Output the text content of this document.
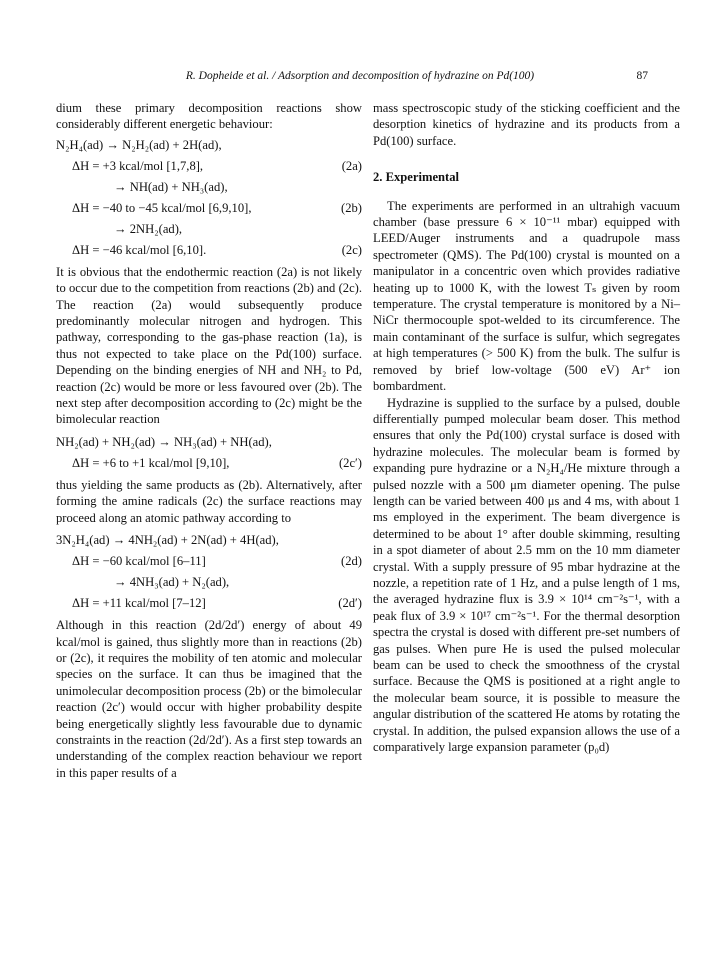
R. Dopheide et al. / Adsorption and decomposition of hydrazine on Pd(100)	87

dium these primary decomposition reactions show considerably different energetic behaviour:

N₂H₄(ad) → N₂H₂(ad) + 2H(ad),
ΔH = +3 kcal/mol [1,7,8],	(2a)
→ NH(ad) + NH₃(ad),
ΔH = −40 to −45 kcal/mol [6,9,10],	(2b)
→ 2NH₂(ad),
ΔH = −46 kcal/mol [6,10].	(2c)

It is obvious that the endothermic reaction (2a) is not likely to occur due to the competition from reactions (2b) and (2c). The reaction (2a) would subsequently produce predominantly molecular nitrogen and hydrogen. This pathway, corresponding to the gas-phase reaction (1a), is thus not expected to take place on the Pd(100) surface. Depending on the binding energies of NH and NH₂ to Pd, reaction (2c) would be more or less favoured over (2b). The next step after decomposition according to (2c) might be the bimolecular reaction

NH₂(ad) + NH₂(ad) → NH₃(ad) + NH(ad),
ΔH = +6 to +1 kcal/mol [9,10],	(2c′)

thus yielding the same products as (2b). Alternatively, after forming the amine radicals (2c) the surface reactions may proceed along an atomic pathway according to

3N₂H₄(ad) → 4NH₂(ad) + 2N(ad) + 4H(ad),
ΔH = −60 kcal/mol [6–11]	(2d)
→ 4NH₃(ad) + N₂(ad),
ΔH = +11 kcal/mol [7–12]	(2d′)

Although in this reaction (2d/2d′) energy of about 49 kcal/mol is gained, thus slightly more than in reactions (2b) or (2c), it requires the mobility of ten atomic and molecular species on the surface. It can thus be imagined that the unimolecular decomposition process (2b) or the bimolecular reaction (2c′) would occur with higher probability despite being energetically slightly less favourable due to dynamic constraints in the reaction (2d/2d′). As a first step towards an understanding of the complex reaction behaviour we report in this paper results of a

mass spectroscopic study of the sticking coefficient and the desorption kinetics of hydrazine and its products from a Pd(100) surface.

2. Experimental

The experiments are performed in an ultrahigh vacuum chamber (base pressure 6 × 10⁻¹¹ mbar) equipped with LEED/Auger instruments and a quadrupole mass spectrometer (QMS). The Pd(100) crystal is mounted on a manipulator in a concentric oven which provides radiative heating up to 1000 K, with the lowest Tₛ given by room temperature. The crystal temperature is monitored by a Ni–NiCr thermocouple spot-welded to its circumference. The main contaminant of the surface is sulfur, which segregates at high temperatures (> 500 K) from the bulk. The sulfur is removed by brief low-voltage (500 eV) Ar⁺ ion bombardment.

Hydrazine is supplied to the surface by a pulsed, double differentially pumped molecular beam doser. This method ensures that only the Pd(100) crystal surface is dosed with hydrazine molecules. The molecular beam is formed by expanding pure hydrazine or a N₂H₄/He mixture through a pulsed nozzle with a 500 μm diameter opening. The pulse length can be varied between 400 μs and 4 ms, with about 1 ms employed in the experiment. The beam divergence is determined to be about 1° after double skimming, resulting in a spot diameter of about 2.5 mm on the 10 mm diameter crystal. With a supply pressure of 95 mbar hydrazine at the nozzle, a repetition rate of 1 Hz, and a pulse length of 1 ms, the averaged hydrazine flux is 3.9 × 10¹⁴ cm⁻²s⁻¹, with a peak flux of 3.9 × 10¹⁷ cm⁻²s⁻¹. For the thermal desorption spectra the crystal is dosed with different pre-set numbers of gas pulses. When pure He is used the pulsed molecular beam can be used to check the smoothness of the crystal surface. Because the QMS is positioned at a right angle to the molecular beam source, it is possible to measure the angular distribution of the scattered He atoms by rotating the crystal. In addition, the pulsed expansion allows the use of a comparatively large expansion parameter (p₀d)
